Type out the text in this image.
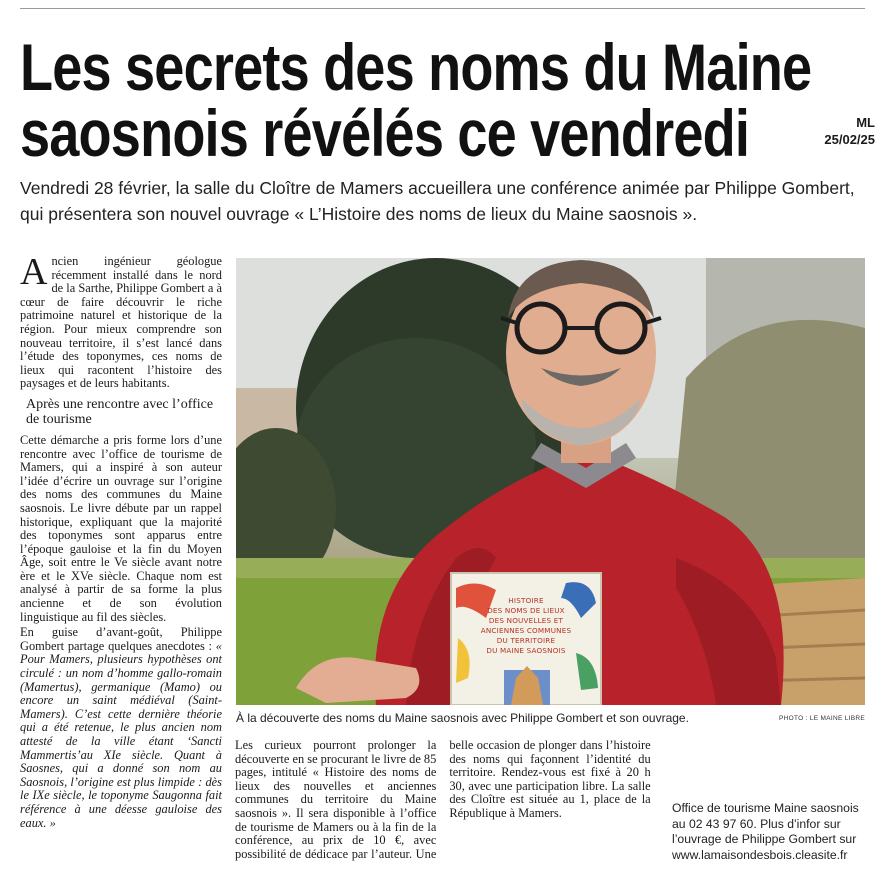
Les secrets des noms du Maine
saosnois révélés ce vendredi	ML
25/02/25

Vendredi 28 février, la salle du Cloître de Mamers accueillera une conférence animée par Philippe Gombert, qui présentera son nouvel ouvrage « L’Histoire des noms de lieux du Maine saosnois ».

Ancien ingénieur géologue récemment installé dans le nord de la Sarthe, Philippe Gombert a à cœur de faire découvrir le riche patrimoine naturel et historique de la région. Pour mieux comprendre son nouveau territoire, il s’est lancé dans l’étude des toponymes, ces noms de lieux qui racontent l’histoire des paysages et de leurs habitants.

Après une rencontre avec l’office de tourisme

Cette démarche a pris forme lors d’une rencontre avec l’office de tourisme de Mamers, qui a inspiré à son auteur l’idée d’écrire un ouvrage sur l’origine des noms des communes du Maine saosnois. Le livre débute par un rappel historique, expliquant que la majorité des toponymes sont apparus entre l’époque gauloise et la fin du Moyen Âge, soit entre le Ve siècle avant notre ère et le XVe siècle. Chaque nom est analysé à partir de sa forme la plus ancienne et de son évolution linguistique au fil des siècles.

En guise d’avant-goût, Philippe Gombert partage quelques anecdotes : « Pour Mamers, plusieurs hypothèses ont circulé : un nom d’homme gallo-romain (Mamertus), germanique (Mamo) ou encore un saint médiéval (Saint-Mamers). C’est cette dernière théorie qui a été retenue, le plus ancien nom attesté de la ville étant ‘Sancti Mammertis’au XIe siècle. Quant à Saosnes, qui a donné son nom au Saosnois, l’origine est plus limpide : dès le IXe siècle, le toponyme Saugonna fait référence à une déesse gauloise des eaux. »

Les curieux pourront prolonger la découverte en se procurant le livre de 85 pages, intitulé « Histoire des noms de lieux des nouvelles et anciennes communes du territoire du Maine saosnois ». Il sera disponible à l’office de tourisme de Mamers ou à la fin de la conférence, au prix de 10 €, avec possibilité de dédicace par l’auteur. Une belle occasion de plonger dans l’histoire des noms qui façonnent l’identité du territoire. Rendez-vous est fixé à 20 h 30, avec une participation libre. La salle des Cloître est située au 1, place de la République à Mamers.	Office de tourisme Maine saosnois au 02 43 97 60. Plus d’infor sur l’ouvrage de Philippe Gombert sur www.lamaisondesbois.cleasite.fr
HISTOIRE
DES NOMS DE LIEUX
DES NOUVELLES ET
ANCIENNES COMMUNES
DU TERRITOIRE
DU MAINE SAOSNOIS
À la découverte des noms du Maine saosnois avec Philippe Gombert et son ouvrage.	PHOTO : LE MAINE LIBRE
